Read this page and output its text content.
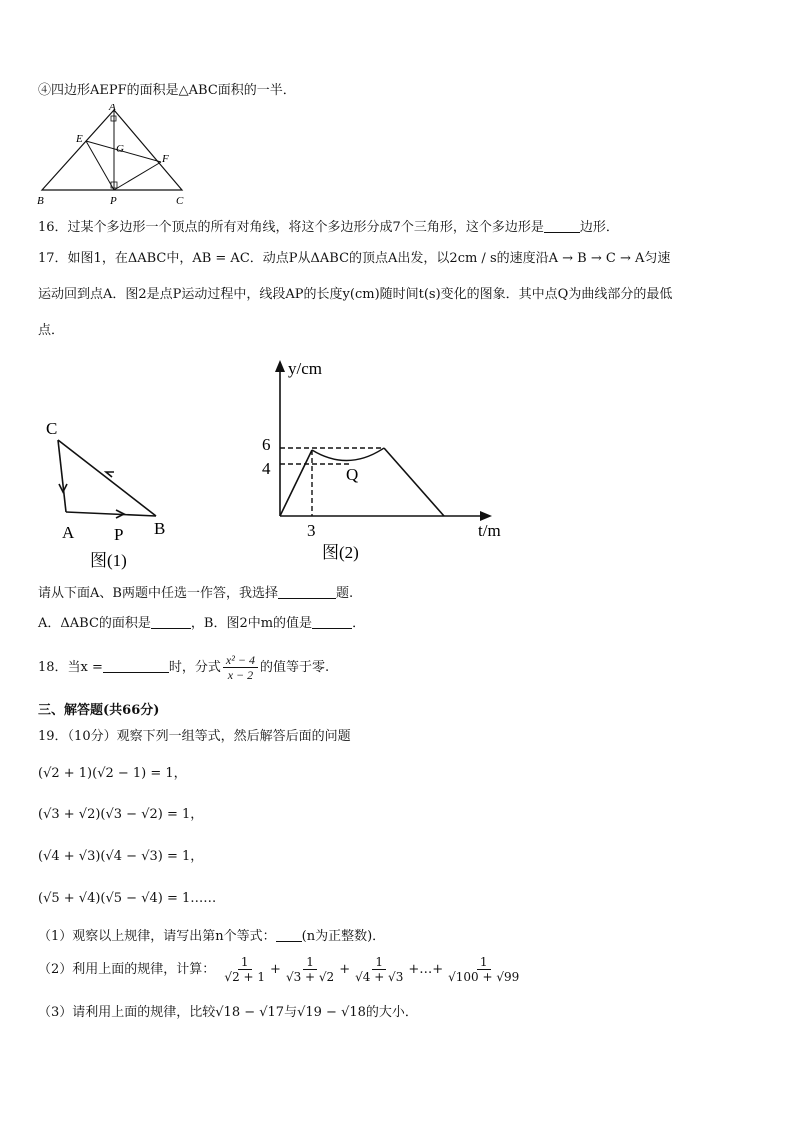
④四边形AEPF的面积是△ABC面积的一半．
A
E
G
F
B	P	C
16．过某个多边形一个顶点的所有对角线，将这个多边形分成7个三角形，这个多边形是	边形．
17．如图1，在ΔABC中，AB = AC．动点P从ΔABC的顶点A出发，以2cm / s的速度沿A → B → C → A匀速
运动回到点A．图2是点P运动过程中，线段AP的长度y(cm)随时间t(s)变化的图象．其中点Q为曲线部分的最低
点．
C
A P B
图(1)
y/cm
6
4	Q
3	t/m
图(2)
请从下面A、B两题中任选一作答，我选择	题.
A．ΔABC的面积是	，B．图2中m的值是	．
18．当x =	时，分式 $\frac{\text{x² − 4}}{x - 2}$ 的值等于零.
三、解答题(共66分)
19．（10分）观察下列一组等式，然后解答后面的问题
(√2 + 1)(√2 − 1) = 1，
(√3 + √2)(√3 − √2) = 1，
(√4 + √3)(√4 − √3) = 1，
(√5 + √4)(√5 − √4) = 1……
（1）观察以上规律，请写出第n个等式： (n为正整数)．
（2）利用上面的规律，计算： $\frac{1}{√2 + 1} + \frac{1}{√3 + √2} + \frac{1}{√4 + √3}$ +…+ $\frac{1}{√100 + √99}$
（3）请利用上面的规律，比较√18 − √17与√19 − √18的大小．
